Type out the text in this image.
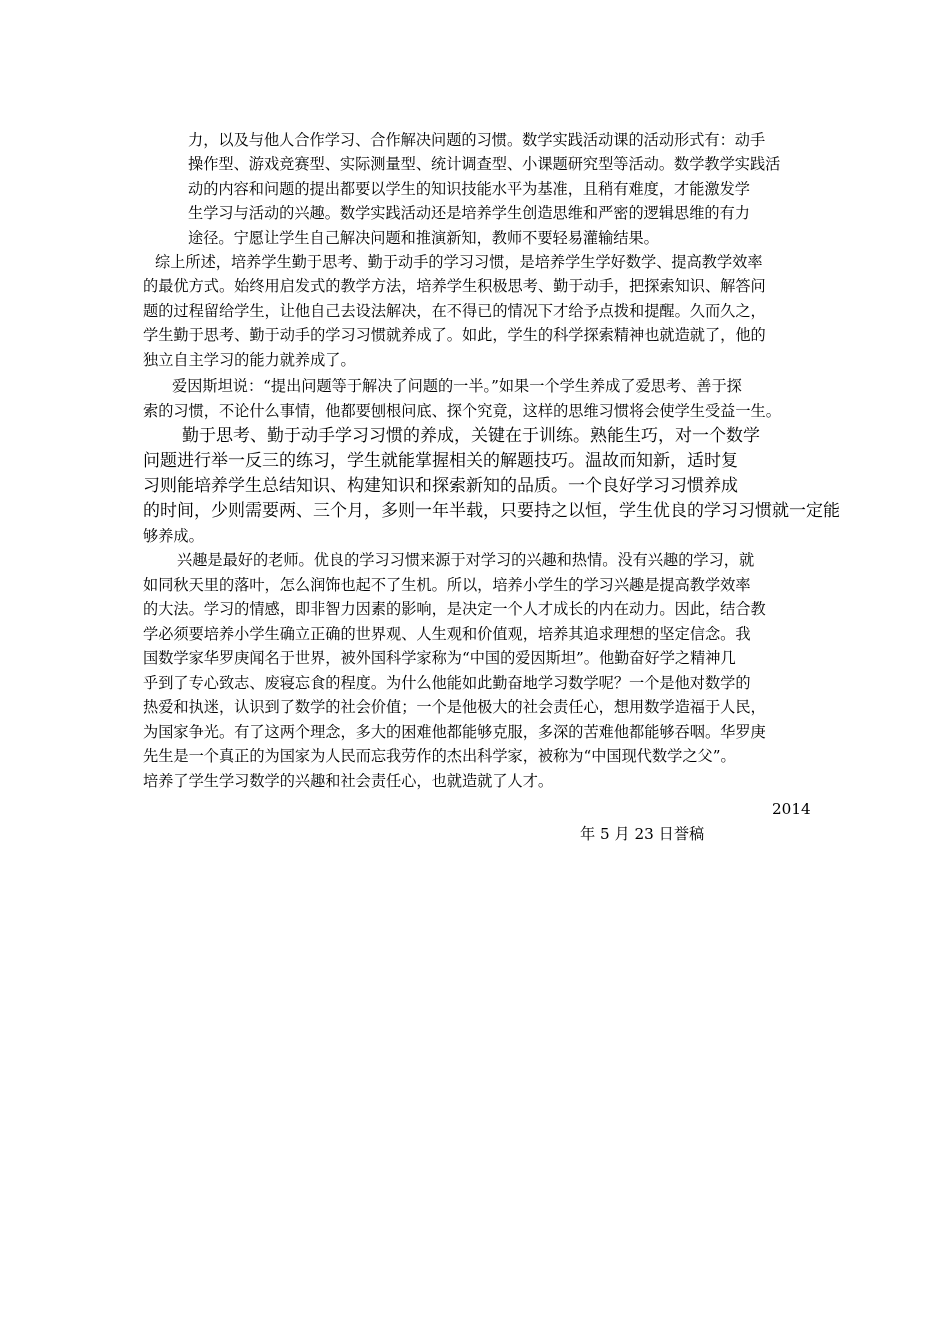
力，以及与他人合作学习、合作解决问题的习惯。数学实践活动课的活动形式有：动手
操作型、游戏竞赛型、实际测量型、统计调查型、小课题研究型等活动。数学教学实践活
动的内容和问题的提出都要以学生的知识技能水平为基准，且稍有难度，才能激发学
生学习与活动的兴趣。数学实践活动还是培养学生创造思维和严密的逻辑思维的有力
途径。宁愿让学生自己解决问题和推演新知，教师不要轻易灌输结果。
综上所述，培养学生勤于思考、勤于动手的学习习惯，是培养学生学好数学、提高教学效率
的最优方式。始终用启发式的教学方法，培养学生积极思考、勤于动手，把探索知识、解答问
题的过程留给学生，让他自己去设法解决，在不得已的情况下才给予点拨和提醒。久而久之，
学生勤于思考、勤于动手的学习习惯就养成了。如此，学生的科学探索精神也就造就了，他的
独立自主学习的能力就养成了。
爱因斯坦说：“提出问题等于解决了问题的一半。”如果一个学生养成了爱思考、善于探
索的习惯，不论什么事情，他都要刨根问底、探个究竟，这样的思维习惯将会使学生受益一生。
勤于思考、勤于动手学习习惯的养成，关键在于训练。熟能生巧，对一个数学
问题进行举一反三的练习，学生就能掌握相关的解题技巧。温故而知新，适时复
习则能培养学生总结知识、构建知识和探索新知的品质。一个良好学习习惯养成
的时间，少则需要两、三个月，多则一年半载，只要持之以恒，学生优良的学习习惯就一定能
够养成。
兴趣是最好的老师。优良的学习习惯来源于对学习的兴趣和热情。没有兴趣的学习，就
如同秋天里的落叶，怎么润饰也起不了生机。所以，培养小学生的学习兴趣是提高教学效率
的大法。学习的情感，即非智力因素的影响，是决定一个人才成长的内在动力。因此，结合教
学必须要培养小学生确立正确的世界观、人生观和价值观，培养其追求理想的坚定信念。我
国数学家华罗庚闻名于世界，被外国科学家称为“中国的爱因斯坦”。他勤奋好学之精神几
乎到了专心致志、废寝忘食的程度。为什么他能如此勤奋地学习数学呢？一个是他对数学的
热爱和执迷，认识到了数学的社会价值；一个是他极大的社会责任心，想用数学造福于人民，
为国家争光。有了这两个理念，多大的困难他都能够克服，多深的苦难他都能够吞咽。华罗庚
先生是一个真正的为国家为人民而忘我劳作的杰出科学家，被称为“中国现代数学之父”。
培养了学生学习数学的兴趣和社会责任心，也就造就了人才。
2014
年 5 月 23 日誉稿
